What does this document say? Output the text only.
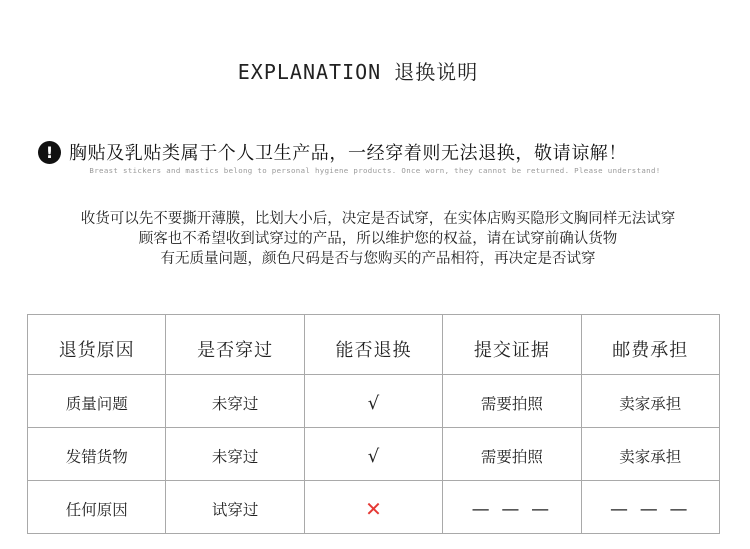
EXPLANATION 退换说明
! 胸贴及乳贴类属于个人卫生产品，一经穿着则无法退换，敬请谅解！
Breast stickers and mastics belong to personal hygiene products. Once worn, they cannot be returned. Please understand!
收货可以先不要撕开薄膜，比划大小后，决定是否试穿，在实体店购买隐形文胸同样无法试穿
顾客也不希望收到试穿过的产品，所以维护您的权益，请在试穿前确认货物
有无质量问题，颜色尺码是否与您购买的产品相符，再决定是否试穿
退货原因	是否穿过	能否退换	提交证据	邮费承担
质量问题	未穿过	√	需要拍照	卖家承担
发错货物	未穿过	√	需要拍照	卖家承担
任何原因	试穿过	✕	— — —	— — —
